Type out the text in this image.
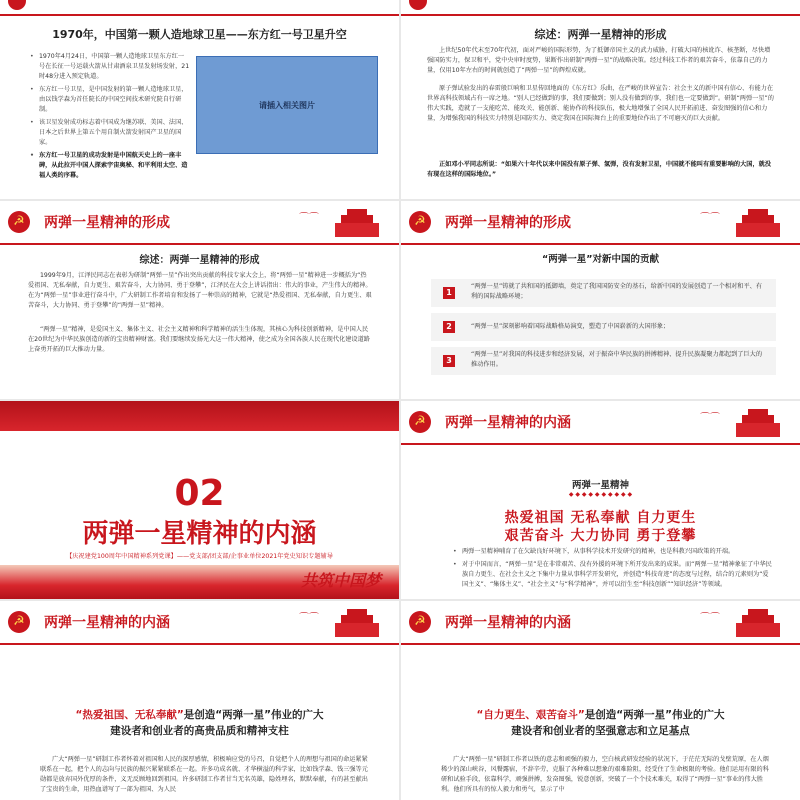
1970年，中国第一颗人造地球卫星——东方红一号卫星升空
• 1970年4月24日，中国第一颗人造地球卫星东方红一号在长征一号运载火箭从甘肃酒泉卫星发射场发射，21时48分进入预定轨道。
• 东方红一号卫星，是中国发射的第一颗人造地球卫星，由以钱学森为首任院长的中国空间技术研究院自行研制。
• 该卫星发射成功标志着中国成为继苏联、美国、法国、日本之后世界上第五个用自制火箭发射国产卫星的国家。
• 东方红一号卫星的成功发射是中国航天史上的一座丰碑，从此拉开中国人探索宇宙奥秘、和平利用太空、造福人类的序幕。
请插入相关图片
综述：两弹一星精神的形成
上世纪50年代末至70年代初，面对严峻的国际形势，为了抵御帝国主义的武力威胁，打破大国的核讹诈、核垄断，尽快增强国防实力，保卫和平，党中央审时度势，果断作出研制“两弹一星”的战略决策。经过科技工作者的艰苦奋斗，依靠自己的力量，仅用10年左右的时间就创造了“两弹一星”的辉煌成就。
原子弹试验发出的春雷般巨响和卫星传回地面的《东方红》乐曲，在严峻的世界宣告：社会主义的新中国有信心、有能力在世界高科技领域占有一席之地。“别人已经做到的事，我们要做到；别人没有做到的事，我们也一定要做到”。研制“两弹一星”的伟大实践，造就了一支能吃苦、能攻关、能创新、能协作的科技队伍，极大地增强了全国人民开拓前进、奋发图强的信心和力量，为增强我国的科技实力特别是国防实力、奠定我国在国际舞台上的重要地位作出了不可磨灭的巨大贡献。
正如邓小平同志所说：“如果六十年代以来中国没有原子弹、氢弹，没有发射卫星，中国就不能叫有重要影响的大国，就没有现在这样的国际地位。”
☭	两弹一星精神的形成	⌒⌒
综述：两弹一星精神的形成
1999年9月，江泽民同志在表彰为研制“两弹一星”作出突出贡献的科技专家大会上，将“两弹一星”精神进一步概括为“热爱祖国、无私奉献，自力更生、艰苦奋斗，大力协同、勇于登攀”，江泽民在大会上讲话指出：伟大的事业，产生伟大的精神。在为“两弹一星”事业进行奋斗中，广大研制工作者培育和发扬了一种崇高的精神，它就是“热爱祖国、无私奉献，自力更生、艰苦奋斗，大力协同、勇于登攀”的“两弹一星”精神。
“两弹一星”精神，是爱国主义、集体主义、社会主义精神和科学精神的活生生体现，其核心为科技创新精神，是中国人民在20世纪为中华民族创造的新的宝贵精神财富。我们要继续发扬光大这一伟大精神，使之成为全国各族人民在现代化建设道路上奋勇开拓的巨大推动力量。
☭	两弹一星精神的形成	⌒⌒
“两弹一星”对新中国的贡献
1
“两弹一星”铸就了共和国的抵御墙，奠定了我国国防安全的基石，给新中国的发展创造了一个相对和平、有利的国际战略环境；
2	“两弹一星”深刻影响着国际战略格局演变，塑造了中国崭新的大国形象；
3
“两弹一星”对我国的科技进步和经济发展，对于振奋中华民族的拼搏精神、提升民族凝聚力都起到了巨大的推动作用。
02
两弹一星精神的内涵
【庆祝建党100周年中国精神系列党课】——党支部/团支部/企事业单位2021年党史知识专题辅导
共筑中国梦
☭	两弹一星精神的内涵	⌒⌒
两弹一星精神
◆ ◆ ◆ ◆ ◆ ◆ ◆ ◆ ◆ ◆
热爱祖国 无私奉献 自力更生
艰苦奋斗 大力协同 勇于登攀
• 两弹一星精神哺育了在欠缺良好环境下，从事科学技术开发研究的精神，也是科教兴国政策的开端。
• 对于中国而言，“两弹一星”是在非常艰苦、没有外援的环境下所开发出来的成果。而“两弹一星”精神象征了中华民族自力更生、在社会主义之下集中力量从事科学开发研究，并创造“科技奇迹”的态度与过程，结合的元素则为“爱国主义”、“集体主义”、“社会主义”与“科学精神”，并可以衍生至“科技创新”“知识经济”等领域。
☭	两弹一星精神的内涵	⌒⌒
“热爱祖国、无私奉献”是创造“两弹一星”伟业的广大
建设者和创业者的高贵品质和精神支柱
广大“两弹一星”研制工作者怀着对祖国和人民的深厚感情，积极响应党的号召，自觉把个人的理想与祖国的命运紧紧联系在一起，把个人的志向与民族的振兴紧紧联系在一起。许多功成名就、才华横溢的科学家，比如钱学森、钱三强等元勋都是放弃国外优厚的条件，义无反顾地回到祖国。许多研制工作者甘当无名英雄，隐姓埋名，默默奉献，有的甚至献出了宝贵的生命，用热血谱写了一部为祖国、为人民
☭	两弹一星精神的内涵	⌒⌒
“自力更生、艰苦奋斗”是创造“两弹一星”伟业的广大
建设者和创业者的坚强意志和立足基点
广大“两弹一星”研制工作者以铁的意志和顽强的毅力，空白核武研发经验的状况下，于茫茫无际的戈壁荒原，在人烟稀少的深山峡谷，风餐露宿，不辞辛劳，克服了各种难以想象的艰难险阻，经受住了生命极限的考验。他们运用有限的科研和试验手段，依靠科学，顽强拼搏，发奋图强，锐意创新，突破了一个个技术难关，取得了“两弹一星”事业的伟大胜利。他们所具有的惊人毅力和勇气，显示了中
